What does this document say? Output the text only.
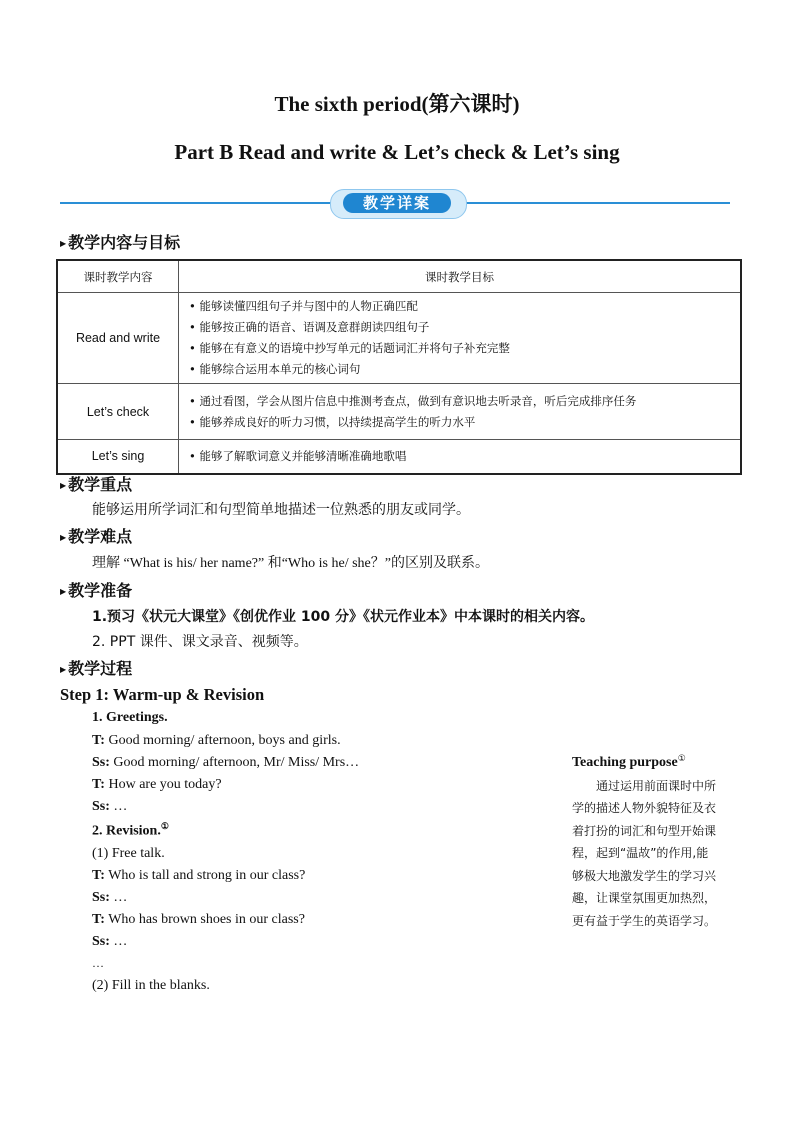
The sixth period(第六课时)
Part B Read and write & Let’s check & Let’s sing
教学详案
▶ 教学内容与目标
课时教学内容	课时教学目标
Read and write	• 能够读懂四组句子并与图中的人物正确匹配
• 能够按正确的语音、语调及意群朗读四组句子
• 能够在有意义的语境中抄写单元的话题词汇并将句子补充完整
• 能够综合运用本单元的核心词句

Let’s check	• 通过看图，学会从图片信息中推测考查点，做到有意识地去听录音，听后完成排序任务
• 能够养成良好的听力习惯，以持续提高学生的听力水平

Let’s sing	• 能够了解歌词意义并能够清晰准确地歌唱
▶ 教学重点
能够运用所学词汇和句型简单地描述一位熟悉的朋友或同学。
▶ 教学难点
理解 “What is his/ her name?” 和“Who is he/ she？”的区别及联系。
▶ 教学准备
1.预习《状元大课堂》《创优作业 100 分》《状元作业本》中本课时的相关内容。
2. PPT 课件、课文录音、视频等。
▶ 教学过程
Step 1: Warm-up & Revision
1. Greetings.
T: Good morning/ afternoon, boys and girls.
Ss: Good morning/ afternoon, Mr/ Miss/ Mrs…
T: How are you today?
Ss: …
2. Revision.①
(1) Free talk.
T: Who is tall and strong in our class?
Ss: …
T: Who has brown shoes in our class?
Ss: …
…
(2) Fill in the blanks.
Teaching purpose①
　　通过运用前面课时中所
学的描述人物外貌特征及衣
着打扮的词汇和句型开始课
程，起到“温故”的作用,能
够极大地激发学生的学习兴
趣，让课堂氛围更加热烈，
更有益于学生的英语学习。
